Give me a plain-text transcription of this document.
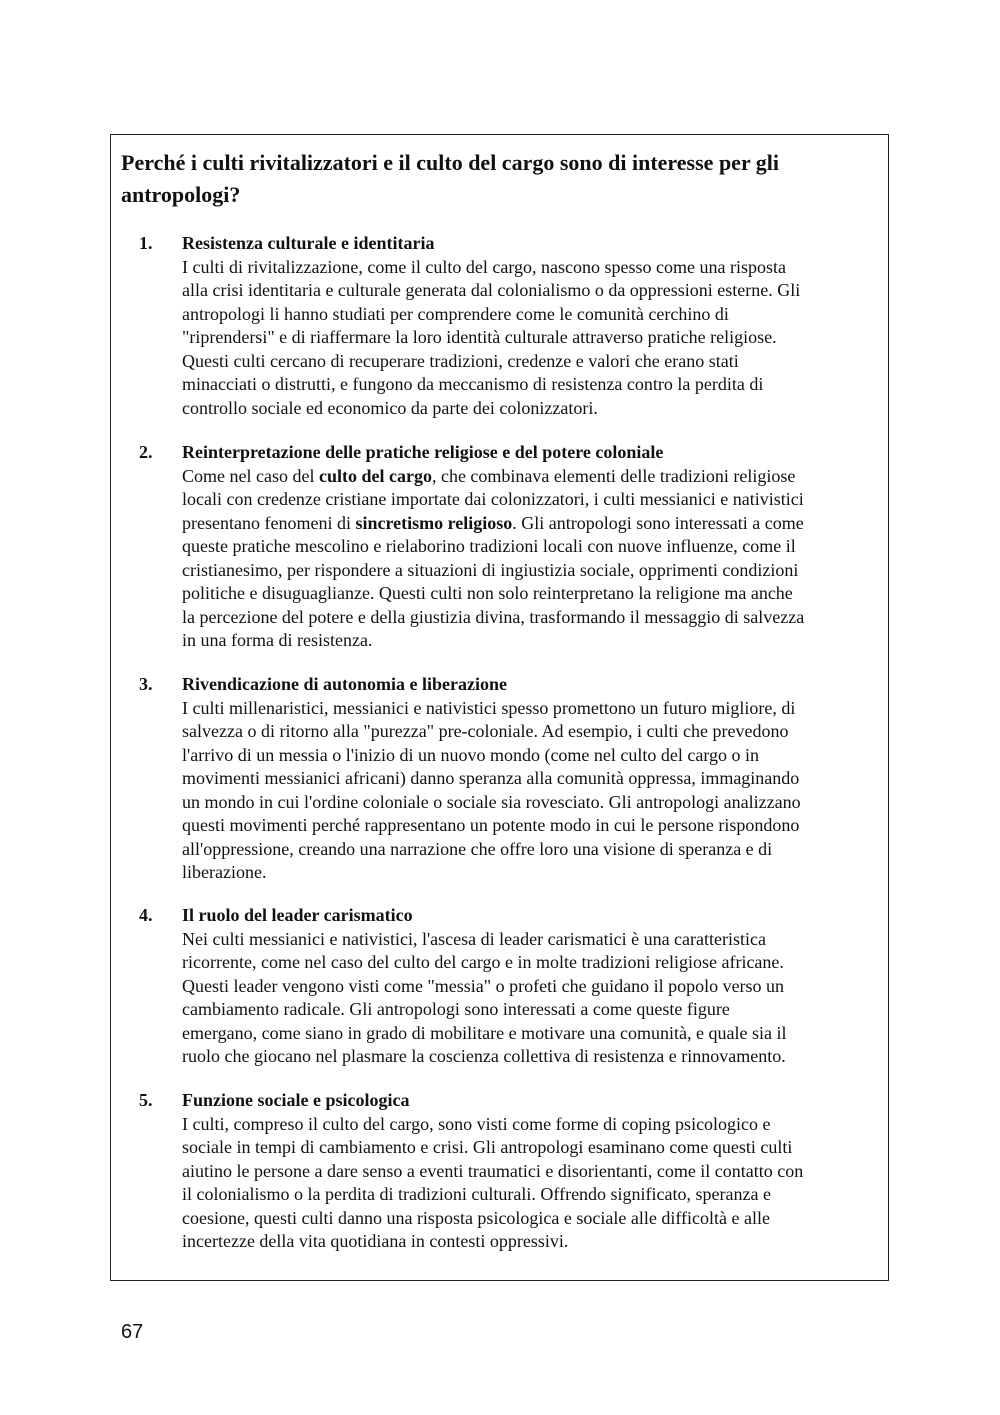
Perché i culti rivitalizzatori e il culto del cargo sono di interesse per gli
antropologi?
1. Resistenza culturale e identitaria
I culti di rivitalizzazione, come il culto del cargo, nascono spesso come una risposta
alla crisi identitaria e culturale generata dal colonialismo o da oppressioni esterne. Gli
antropologi li hanno studiati per comprendere come le comunità cerchino di
"riprendersi" e di riaffermare la loro identità culturale attraverso pratiche religiose.
Questi culti cercano di recuperare tradizioni, credenze e valori che erano stati
minacciati o distrutti, e fungono da meccanismo di resistenza contro la perdita di
controllo sociale ed economico da parte dei colonizzatori.
2. Reinterpretazione delle pratiche religiose e del potere coloniale
Come nel caso del culto del cargo, che combinava elementi delle tradizioni religiose
locali con credenze cristiane importate dai colonizzatori, i culti messianici e nativistici
presentano fenomeni di sincretismo religioso. Gli antropologi sono interessati a come
queste pratiche mescolino e rielaborino tradizioni locali con nuove influenze, come il
cristianesimo, per rispondere a situazioni di ingiustizia sociale, opprimenti condizioni
politiche e disuguaglianze. Questi culti non solo reinterpretano la religione ma anche
la percezione del potere e della giustizia divina, trasformando il messaggio di salvezza
in una forma di resistenza.
3. Rivendicazione di autonomia e liberazione
I culti millenaristici, messianici e nativistici spesso promettono un futuro migliore, di
salvezza o di ritorno alla "purezza" pre-coloniale. Ad esempio, i culti che prevedono
l'arrivo di un messia o l'inizio di un nuovo mondo (come nel culto del cargo o in
movimenti messianici africani) danno speranza alla comunità oppressa, immaginando
un mondo in cui l'ordine coloniale o sociale sia rovesciato. Gli antropologi analizzano
questi movimenti perché rappresentano un potente modo in cui le persone rispondono
all'oppressione, creando una narrazione che offre loro una visione di speranza e di
liberazione.
4. Il ruolo del leader carismatico
Nei culti messianici e nativistici, l'ascesa di leader carismatici è una caratteristica
ricorrente, come nel caso del culto del cargo e in molte tradizioni religiose africane.
Questi leader vengono visti come "messia" o profeti che guidano il popolo verso un
cambiamento radicale. Gli antropologi sono interessati a come queste figure
emergano, come siano in grado di mobilitare e motivare una comunità, e quale sia il
ruolo che giocano nel plasmare la coscienza collettiva di resistenza e rinnovamento.
5. Funzione sociale e psicologica
I culti, compreso il culto del cargo, sono visti come forme di coping psicologico e
sociale in tempi di cambiamento e crisi. Gli antropologi esaminano come questi culti
aiutino le persone a dare senso a eventi traumatici e disorientanti, come il contatto con
il colonialismo o la perdita di tradizioni culturali. Offrendo significato, speranza e
coesione, questi culti danno una risposta psicologica e sociale alle difficoltà e alle
incertezze della vita quotidiana in contesti oppressivi.
67
